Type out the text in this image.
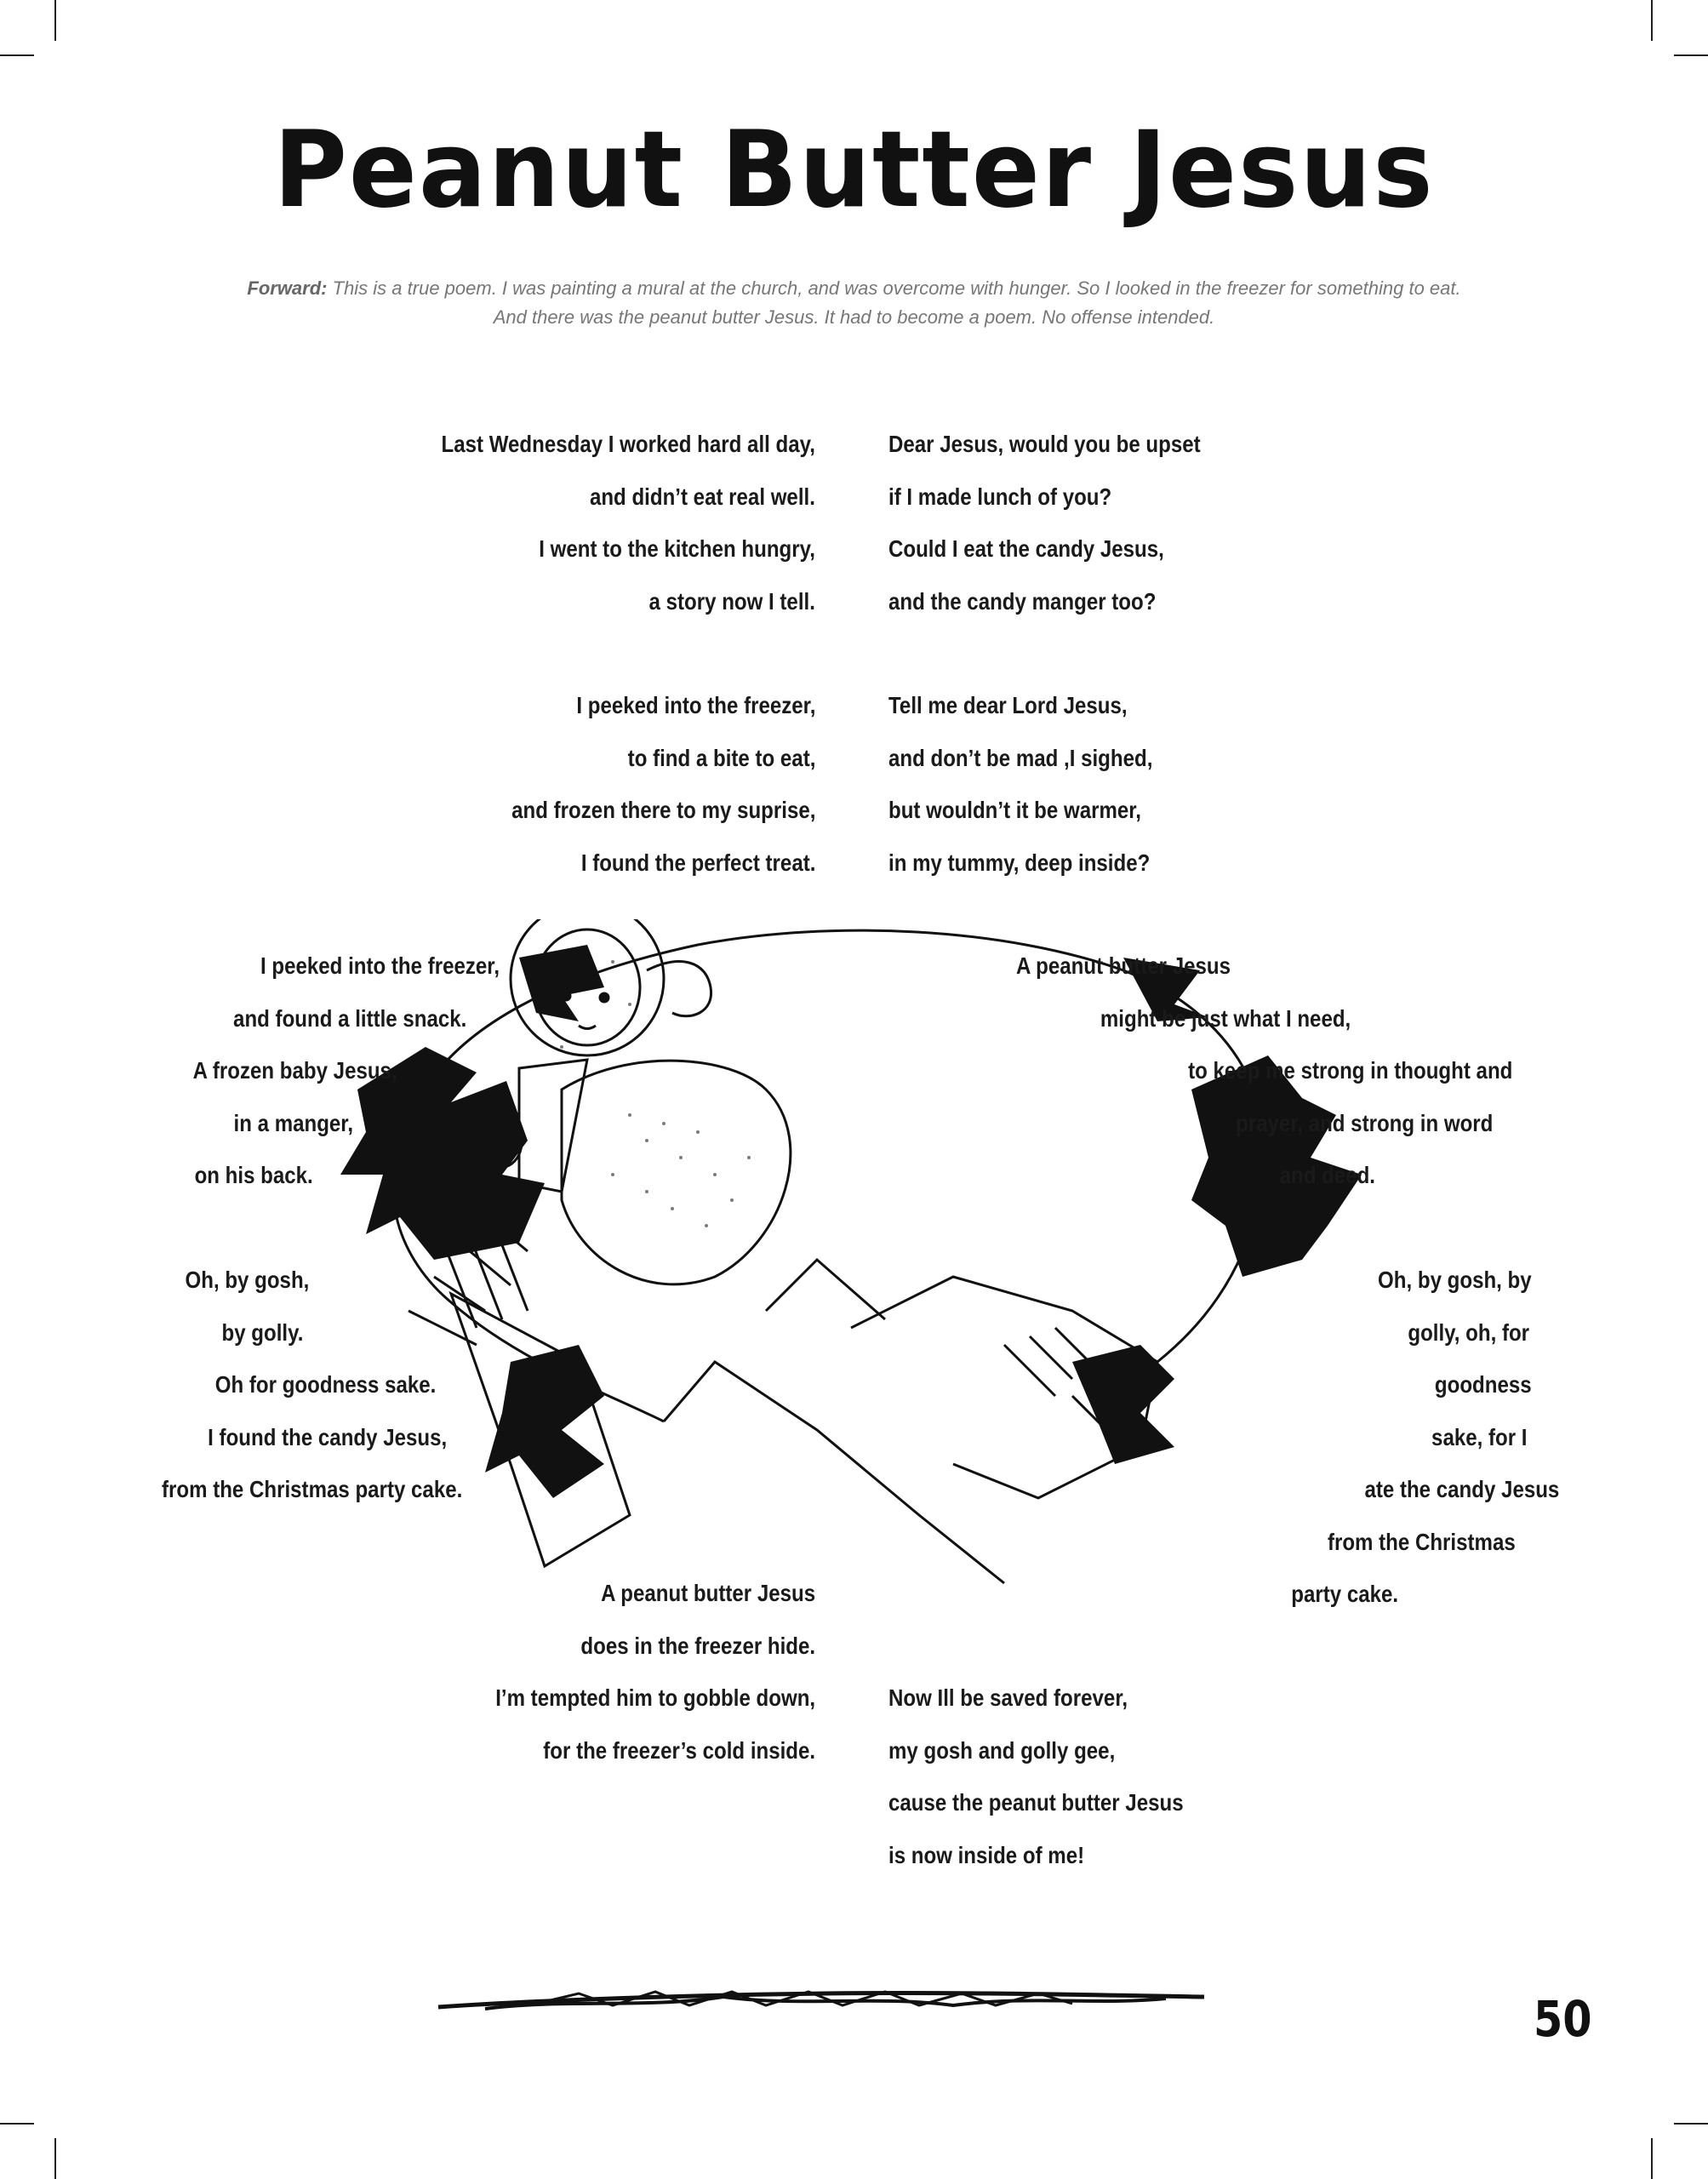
Peanut Butter Jesus
Forward: This is a true poem. I was painting a mural at the church, and was overcome with hunger. So I looked in the freezer for something to eat.
And there was the peanut butter Jesus. It had to become a poem. No offense intended.
Last Wednesday I worked hard all day,
and didn’t eat real well.
I went to the kitchen hungry,
a story now I tell.
Dear Jesus, would you be upset
if I made lunch of you?
Could I eat the candy Jesus,
and the candy manger too?
I peeked into the freezer,
to find a bite to eat,
and frozen there to my suprise,
I found the perfect treat.
Tell me dear Lord Jesus,
and don’t be mad ,I sighed,
but wouldn’t it be warmer,
in my tummy, deep inside?
I peeked into the freezer,
and found a little snack.
A frozen baby Jesus,
in a manger,
on his back.
A peanut butter Jesus
might be just what I need,
to keep me strong in thought and
prayer, and strong in word
and deed.
Oh, by gosh,
by golly.
Oh for goodness sake.
I found the candy Jesus,
from the Christmas party cake.
Oh, by gosh, by
golly, oh, for
goodness
sake, for I
ate the candy Jesus
from the Christmas
party cake.
A peanut butter Jesus
does in the freezer hide.
I’m tempted him to gobble down,
for the freezer’s cold inside.
Now Ill be saved forever,
my gosh and golly gee,
cause the peanut butter Jesus
is now inside of me!
50
